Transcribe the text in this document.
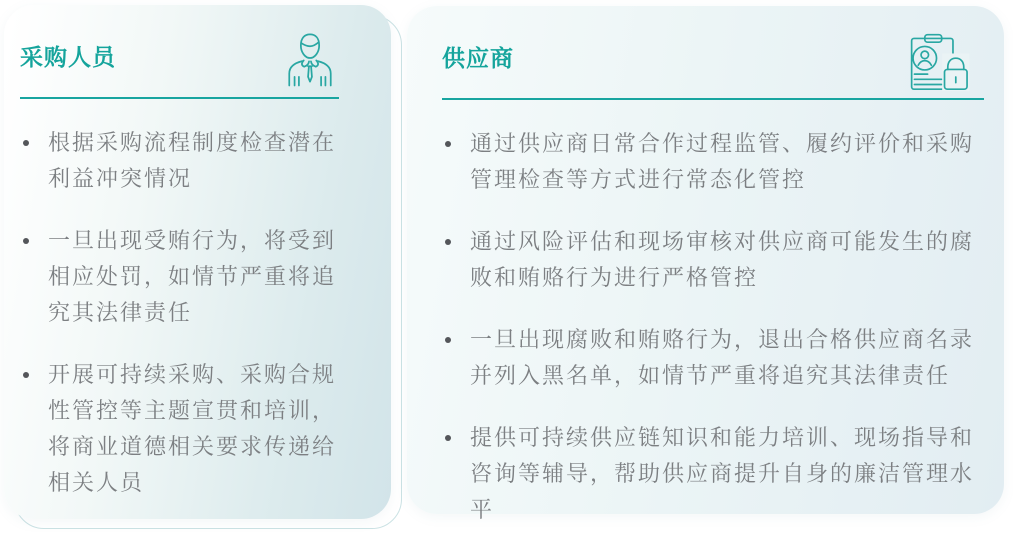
采购人员
根据采购流程制度检查潜在利益冲突情况
一旦出现受贿行为，将受到相应处罚，如情节严重将追究其法律责任
开展可持续采购、采购合规性管控等主题宣贯和培训，将商业道德相关要求传递给相关人员
供应商
通过供应商日常合作过程监管、履约评价和采购管理检查等方式进行常态化管控
通过风险评估和现场审核对供应商可能发生的腐败和贿赂行为进行严格管控
一旦出现腐败和贿赂行为，退出合格供应商名录并列入黑名单，如情节严重将追究其法律责任
提供可持续供应链知识和能力培训、现场指导和咨询等辅导，帮助供应商提升自身的廉洁管理水平
